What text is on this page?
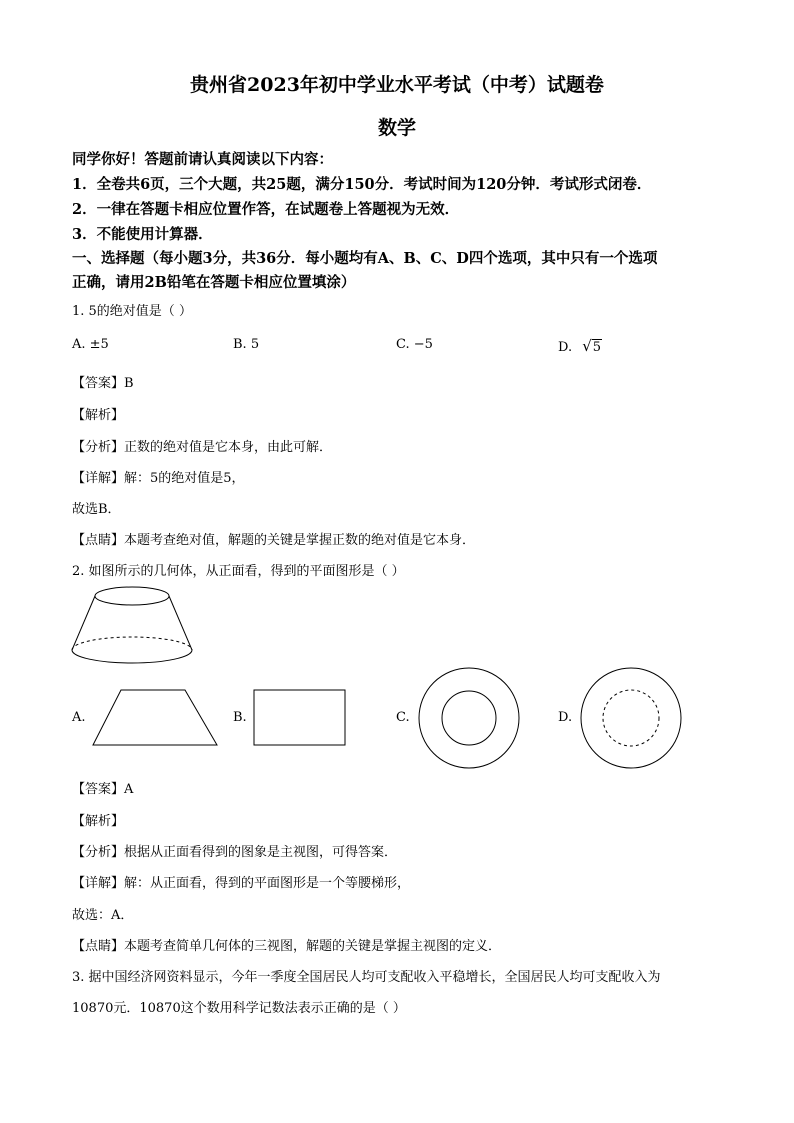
贵州省2023年初中学业水平考试（中考）试题卷
数学
同学你好！答题前请认真阅读以下内容：
1．全卷共6页，三个大题，共25题，满分150分．考试时间为120分钟．考试形式闭卷．
2．一律在答题卡相应位置作答，在试题卷上答题视为无效．
3．不能使用计算器．
一、选择题（每小题3分，共36分．每小题均有A、B、C、D四个选项，其中只有一个选项
正确，请用2B铅笔在答题卡相应位置填涂）
1. 5的绝对值是（ ）
A. ±5	B. 5	C. −5	D. √5
【答案】B
【解析】
【分析】正数的绝对值是它本身，由此可解．
【详解】解：5的绝对值是5，
故选B．
【点睛】本题考查绝对值，解题的关键是掌握正数的绝对值是它本身．
2. 如图所示的几何体，从正面看，得到的平面图形是（ ）
A.	B.	C.	D.
【答案】A
【解析】
【分析】根据从正面看得到的图象是主视图，可得答案．
【详解】解：从正面看，得到的平面图形是一个等腰梯形，
故选：A．
【点睛】本题考查简单几何体的三视图，解题的关键是掌握主视图的定义．
3. 据中国经济网资料显示，今年一季度全国居民人均可支配收入平稳增长，全国居民人均可支配收入为
10870元．10870这个数用科学记数法表示正确的是（ ）
